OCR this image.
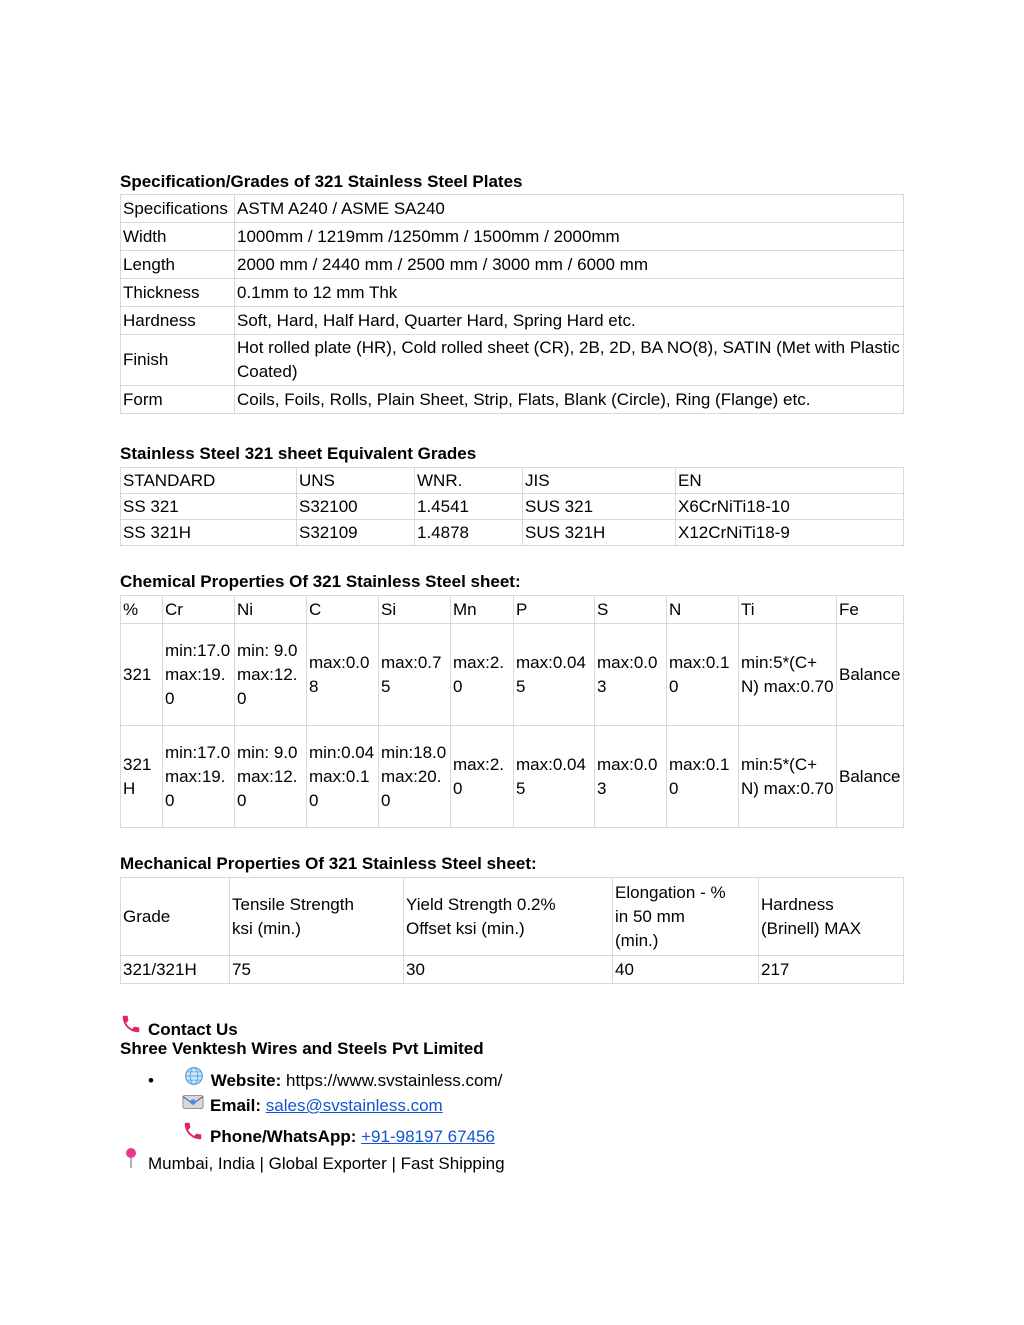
Specification/Grades of 321 Stainless Steel Plates
Specifications	ASTM A240 / ASME SA240
Width	1000mm / 1219mm /1250mm / 1500mm / 2000mm
Length	2000 mm / 2440 mm / 2500 mm / 3000 mm / 6000 mm
Thickness	0.1mm to 12 mm Thk
Hardness	Soft, Hard, Half Hard, Quarter Hard, Spring Hard etc.
Finish	Hot rolled plate (HR), Cold rolled sheet (CR), 2B, 2D, BA NO(8), SATIN (Met with Plastic Coated)
Form	Coils, Foils, Rolls, Plain Sheet, Strip, Flats, Blank (Circle), Ring (Flange) etc.
Stainless Steel 321 sheet Equivalent Grades
STANDARD	UNS	WNR.	JIS	EN
SS 321	S32100	1.4541	SUS 321	X6CrNiTi18-10
SS 321H	S32109	1.4878	SUS 321H	X12CrNiTi18-9
Chemical Properties Of 321 Stainless Steel sheet:
%	Cr	Ni	C	Si	Mn	P	S	N	Ti	Fe
321	min:17.0 max:19.0	min: 9.0 max:12.0	max:0.08	max:0.75	max:2.0	max:0.045	max:0.03	max:0.10	min:5*(C+N) max:0.70	Balance
321 H	min:17.0 max:19.0	min: 9.0 max:12.0	min:0.04 max:0.10	min:18.0 max:20.0	max:2.0	max:0.045	max:0.03	max:0.10	min:5*(C+N) max:0.70	Balance
Mechanical Properties Of 321 Stainless Steel sheet:
Grade	Tensile Strength ksi (min.)	Yield Strength 0.2% Offset ksi (min.)	Elongation - % in 50 mm (min.)	Hardness (Brinell) MAX
321/321H	75	30	40	217
Contact Us
Shree Venktesh Wires and Steels Pvt Limited
•	Website: https://www.svstainless.com/
Email: sales@svstainless.com
Phone/WhatsApp: +91-98197 67456
Mumbai, India | Global Exporter | Fast Shipping
